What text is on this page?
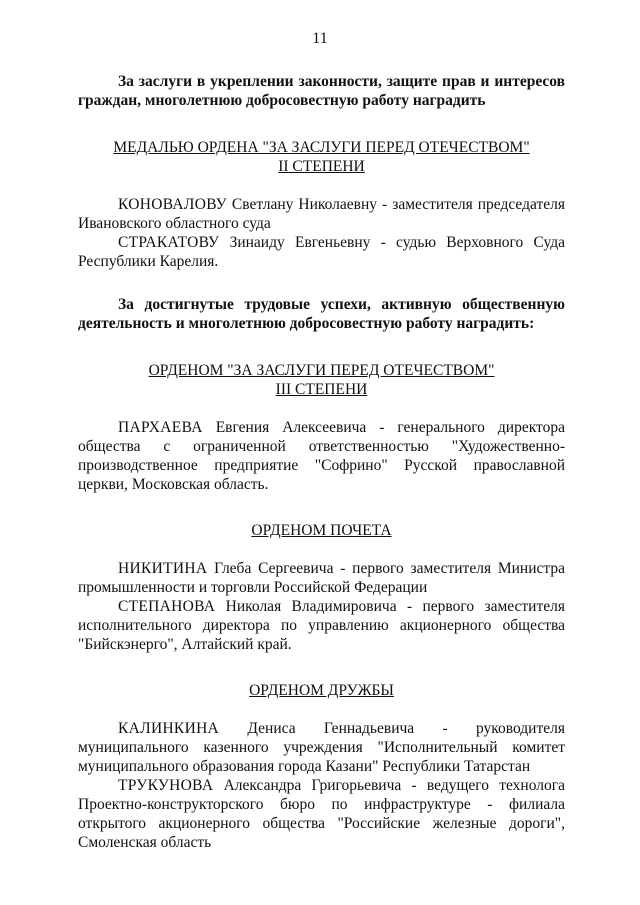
11

За заслуги в укреплении законности, защите прав и интересов граждан, многолетнюю добросовестную работу наградить

МЕДАЛЬЮ ОРДЕНА "ЗА ЗАСЛУГИ ПЕРЕД ОТЕЧЕСТВОМ"

II СТЕПЕНИ

КОНОВАЛОВУ Светлану Николаевну - заместителя председателя Ивановского областного суда

СТРАКАТОВУ Зинаиду Евгеньевну - судью Верховного Суда Республики Карелия.

За достигнутые трудовые успехи, активную общественную деятельность и многолетнюю добросовестную работу наградить:

ОРДЕНОМ "ЗА ЗАСЛУГИ ПЕРЕД ОТЕЧЕСТВОМ"

III СТЕПЕНИ

ПАРХАЕВА Евгения Алексеевича - генерального директора общества с ограниченной ответственностью "Художественно-производственное предприятие "Софрино" Русской православной церкви, Московская область.

ОРДЕНОМ ПОЧЕТА

НИКИТИНА Глеба Сергеевича - первого заместителя Министра промышленности и торговли Российской Федерации

СТЕПАНОВА Николая Владимировича - первого заместителя исполнительного директора по управлению акционерного общества "Бийскэнерго", Алтайский край.

ОРДЕНОМ ДРУЖБЫ

КАЛИНКИНА Дениса Геннадьевича - руководителя муниципального казенного учреждения "Исполнительный комитет муниципального образования города Казани" Республики Татарстан

ТРУКУНОВА Александра Григорьевича - ведущего технолога Проектно-конструкторского бюро по инфраструктуре - филиала открытого акционерного общества "Российские железные дороги", Смоленская область
